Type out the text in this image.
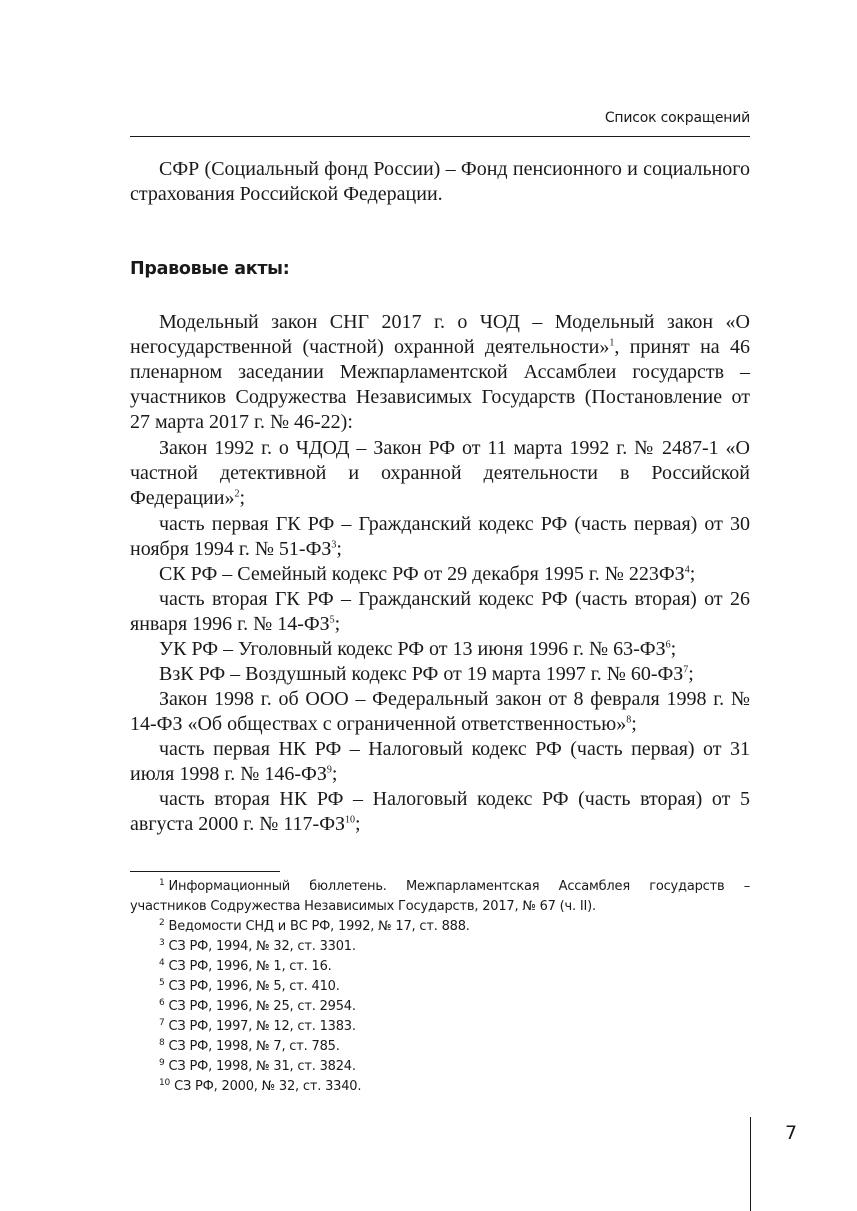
Список сокращений

СФР (Социальный фонд России) – Фонд пенсионного и социального страхования Российской Федерации.

Правовые акты:

Модельный закон СНГ 2017 г. о ЧОД – Модельный закон «О негосударственной (частной) охранной деятельности»$^1$, принят на 46 пленарном заседании Межпарламентской Ассамблеи государств – участников Содружества Независимых Государств (Постановление от 27 марта 2017 г. № 46-22):

Закон 1992 г. о ЧДОД – Закон РФ от 11 марта 1992 г. № 2487-1 «О частной детективной и охранной деятельности в Российской Федерации»$^2$;

часть первая ГК РФ – Гражданский кодекс РФ (часть первая) от 30 ноября 1994 г. № $51-ФЗ^3$;

СК РФ – Семейный кодекс РФ от 29 декабря 1995 г. № $223ФЗ^4$;

часть вторая ГК РФ – Гражданский кодекс РФ (часть вторая) от 26 января 1996 г. № $14-ФЗ^5$;

УК РФ – Уголовный кодекс РФ от 13 июня 1996 г. № $63-ФЗ^6$;

ВзК РФ – Воздушный кодекс РФ от 19 марта 1997 г. № $60-ФЗ^7$;

Закон 1998 г. об ООО – Федеральный закон от 8 февраля 1998 г. № 14-ФЗ «Об обществах с ограниченной ответственностью»$^8$;

часть первая НК РФ – Налоговый кодекс РФ (часть первая) от 31 июля 1998 г. № $146-ФЗ^9$;

часть вторая НК РФ – Налоговый кодекс РФ (часть вторая) от 5 августа 2000 г. № 117-ФЗ$^{10}$;

$^1$ Информационный бюллетень. Межпарламентская Ассамблея государств – участников Содружества Независимых Государств, 2017, № 67 (ч. II).

$^2$ Ведомости СНД и ВС РФ, 1992, № 17, ст. 888.

$^3$ СЗ РФ, 1994, № 32, ст. 3301.

$^4$ СЗ РФ, 1996, № 1, ст. 16.

$^5$ СЗ РФ, 1996, № 5, ст. 410.

$^6$ СЗ РФ, 1996, № 25, ст. 2954.

$^7$ СЗ РФ, 1997, № 12, ст. 1383.

$^8$ СЗ РФ, 1998, № 7, ст. 785.

$^9$ СЗ РФ, 1998, № 31, ст. 3824.

$^{10}$ СЗ РФ, 2000, № 32, ст. 3340.

7
